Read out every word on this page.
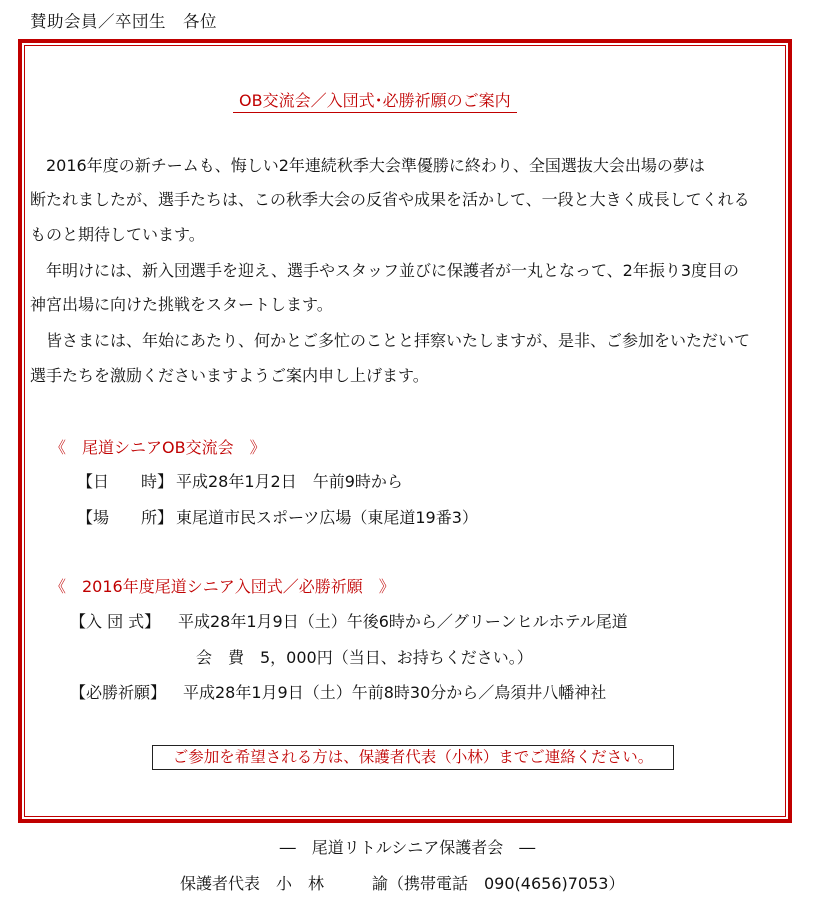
賛助会員／卒団生　各位
OB交流会／入団式･必勝祈願のご案内
　2016年度の新チームも、悔しい2年連続秋季大会準優勝に終わり、全国選抜大会出場の夢は
断たれましたが、選手たちは、この秋季大会の反省や成果を活かして、一段と大きく成長してくれる
ものと期待しています。
　年明けには、新入団選手を迎え、選手やスタッフ並びに保護者が一丸となって、2年振り3度目の
神宮出場に向けた挑戦をスタートします。
　皆さまには、年始にあたり、何かとご多忙のことと拝察いたしますが、是非、ご参加をいただいて
選手たちを激励くださいますようご案内申し上げます。
《　尾道シニアOB交流会　》
【日　　時】 平成28年1月2日　午前9時から
【場　　所】 東尾道市民スポーツ広場（東尾道19番3）
《　2016年度尾道シニア入団式／必勝祈願　》
【入 団 式】 平成28年1月9日（土）午後6時から／グリーンヒルホテル尾道
会　費　5，000円（当日、お持ちください。）
【必勝祈願】 平成28年1月9日（土）午前8時30分から／鳥須井八幡神社
ご参加を希望される方は、保護者代表（小林）までご連絡ください。
―　尾道リトルシニア保護者会　―
保護者代表　小　林　　　諭（携帯電話　090(4656)7053）
